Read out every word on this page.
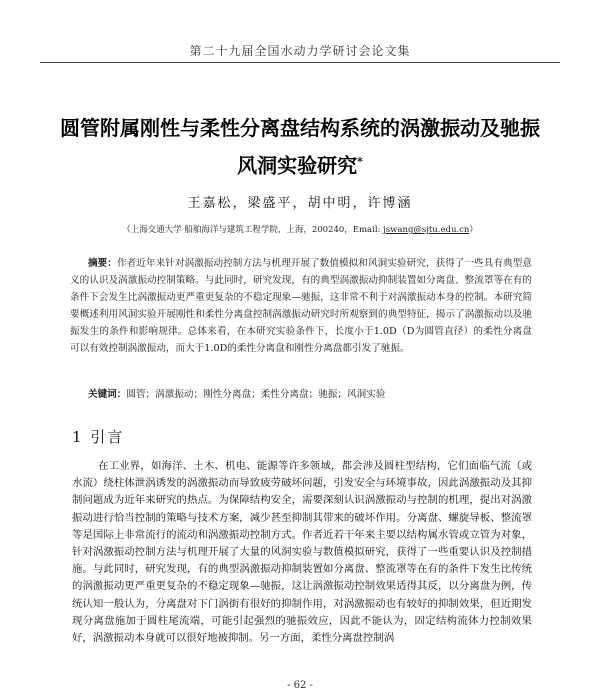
第二十九届全国水动力学研讨会论文集
圆管附属刚性与柔性分离盘结构系统的涡激振动及驰振风洞实验研究*
王嘉松，梁盛平，胡中明，许博涵
（上海交通大学 船舶海洋与建筑工程学院，上海，200240，Email: jswang@sjtu.edu.cn）
摘要：作者近年来针对涡激振动控制方法与机理开展了数值模拟和风洞实验研究，获得了一些具有典型意义的认识及涡激振动控制策略。与此同时，研究发现，有的典型涡激振动抑制装置如分离盘、整流罩等在有的条件下会发生比涡激振动更严重更复杂的不稳定现象—驰振，这非常不利于对涡激振动本身的控制。本研究简要概述利用风洞实验开展刚性和柔性分离盘控制涡激振动研究时所观察到的典型特征，揭示了涡激振动以及驰振发生的条件和影响规律。总体来看，在本研究实验条件下，长度小于1.0D（D为圆管直径）的柔性分离盘可以有效控制涡激振动，而大于1.0D的柔性分离盘和刚性分离盘都引发了驰振。
关键词：圆管；涡激振动；刚性分离盘；柔性分离盘；驰振；风洞实验
1 引言

在工业界，如海洋、土木、机电、能源等许多领域，都会涉及圆柱型结构，它们面临气流（或水流）绕柱体泄涡诱发的涡激振动而导致疲劳破坏问题，引发安全与环境事故，因此涡激振动及其抑制问题成为近年来研究的热点。为保障结构安全，需要深刻认识涡激振动与控制的机理，提出对涡激振动进行恰当控制的策略与技术方案，减少甚至抑制其带来的破坏作用。分离盘、螺旋导板、整流罩等是国际上非常流行的流动和涡激振动控制方式。作者近若干年来主要以结构属水管或立管为对象，针对涡激振动控制方法与机理开展了大量的风洞实验与数值模拟研究，获得了一些重要认识及控制措施。与此同时，研究发现，有的典型涡激振动抑制装置如分离盘、整流罩等在有的条件下发生比传统的涡激振动更严重更复杂的不稳定现象—驰振，这让涡激振动控制效果适得其反，以分离盘为例，传统认知一般认为，分离盘对下门涡街有很好的抑制作用，对涡激振动也有较好的抑制效果，但近期发现分离盘施加于圆柱尾流端，可能引起强烈的驰振效应，因此不能认为，固定结构流体力控制效果好，涡激振动本身就可以很好地被抑制。另一方面，柔性分离盘控制涡

- 62 -
